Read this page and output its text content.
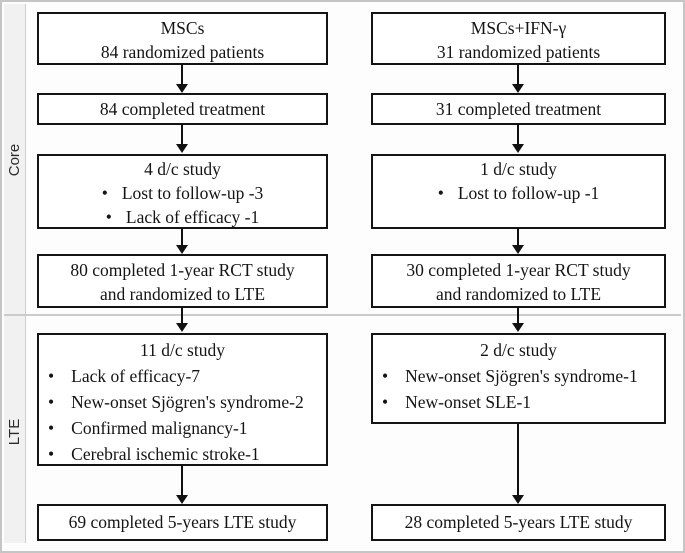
Core
LTE
MSCs
84 randomized patients
84 completed treatment
4 d/c study
•
Lost to follow-up -3
•
Lack of efficacy -1
80 completed 1-year RCT study
and randomized to LTE
11 d/c study
•
Lack of efficacy-7
•
New-onset Sjögren's syndrome-2
•
Confirmed malignancy-1
•
Cerebral ischemic stroke-1
69 completed 5-years LTE study
MSCs+IFN-γ
31 randomized patients
31 completed treatment
1 d/c study
•
Lost to follow-up -1
30 completed 1-year RCT study
and randomized to LTE
2 d/c study
•
New-onset Sjögren's syndrome-1
•
New-onset SLE-1
28 completed 5-years LTE study
